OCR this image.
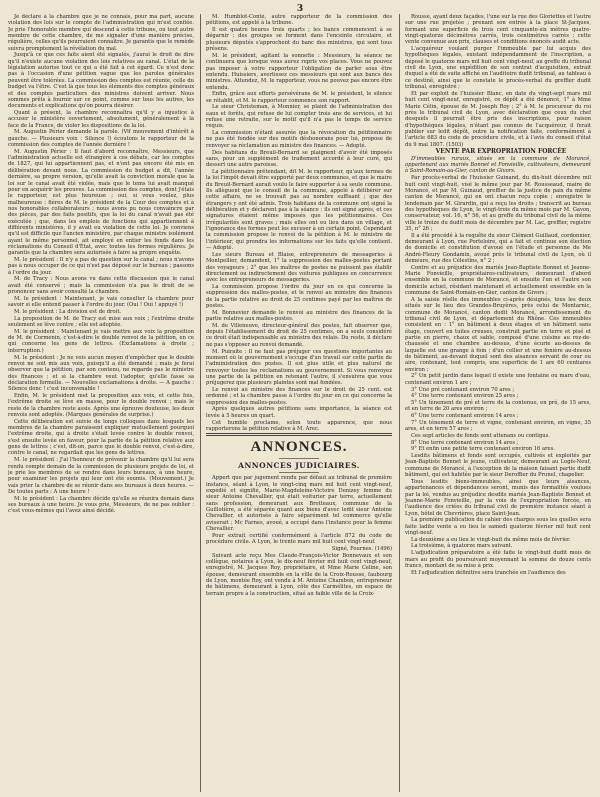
3

Je déclare à la chambre que je ne connais, pour ma part, aucune violation des lois sur le compte de l'administration qui m'est confiée. Je prie l'honorable membre qui descend à cette tribune, ou tout autre membre de cette chambre, de me signaler d'une manière précise, régulière, celles qu'ils pourraient connaître. Je garantis que le remède suivra promptement la révélation du mal.

Jusqu'à ce que ces faits aient été signalés, j'aurai le droit de dire qu'il n'existe aucune violation des lois relatives au canal. L'état de la législation autorise tout ce qui a été fait à cet égard. Ce n'est donc pas à l'occasion d'une pétition vague que les paroles générales peuvent être tolérées. La commission des comptes est réunie, celle du budget va l'être. C'est là que tous les éléments des comptes généraux et des comptes particuliers des ministres doivent arriver. Nous sommes prêts à fournir sur ce point, comme sur tous les autres, les documents et explications qu'on pourra désirer.

Quant à présent, la chambre reconnaîtra qu'il y a injustice à accuser le ministère ouvertement, absolument, généralement à la face de la France, de violer les dispositions de la loi.

M. Augustin Périer demande la parole. (Vif mouvement d'intérêt à gauche. — Plusieurs voix : Silence !) écoutons le rapporteur de la commission des comptes de l'année dernière !

M. Augustin Périer : Il faut d'abord reconnaître, Messieurs, que l'administration actuelle est étrangère à ces débats, car les comptes de 1827, qui lui appartiennent pas, et n'ont pas encore été mis en délibération devant nous. La commission du budget a dit, l'année dernière, sa propre version, qu'elle avait la conviction morale que la loi sur le canal avait été violée, mais que le tems lui avait manqué pour en acquérir les preuves. La commission des comptes, dont j'étais le rapporteur, est plus heureuse ; oui, si vous voulez, plus malheureuse : fières de M. le président de la Cour des comptes et à nos honorables collaborateurs ; nous avons pu nous convaincre par des pièces, par des faits positifs, que la loi du canal n'avait pas été exécutée ; que, dans les emplois de fonctions qui appartiennent à différents ministères, il y avait eu violation de cette loi. Je conviens qu'il est difficile que l'ancien ministère, par chaque ministre isolément ayant le même personnel, ait employé en entier les fonds dans les réclamations du Conseil d'État, avec toutes les formes régulières. Je garantis que la chambre sera autorisée à faire sa propre enquête.

M. le président : Il n'y a pas de question sur le canal ; nous n'avons pas à nous occuper de ce qui n'est pas déposé sur le bureau ; passons à l'ordre du jour.

M. de Tracy : Nous avons vu dans cette discussion que le canal avait été conservé ; mais la commission n'a pas le droit de se prononcer sans avoir consulté la chambre.

M. le président : Maintenant, je vais consulter la chambre pour savoir si elle entend passer à l'ordre du jour. (Oui ! Oui ! appuyé !)

M. le président : La division est de droit.

La proposition de M. de Tracy est mise aux voix ; l'extrême droite seulement se lève contre ; elle est adoptée.

M. le président : Maintenant je vais mettre aux voix la proposition de M. de Cormenin, c'est-à-dire le double renvoi de la pétition, en ce qui concerne les gens de lettres. (Exclamations à droite ; interruption.)

M. le président : Je ne vois aucun moyen d'empêcher que le double renvoi ne soit mis aux voix, puisqu'il a été demandé ; mais je ferai observer que la pétition, par son contenu, ne regarde pas le ministre des finances ; et si la chambre veut l'adopter, qu'elle fasse sa déclaration formelle. — Nouvelles exclamations à droite. — A gauche : Silence donc ! c'est inconvenable !

Enfin, M. le président met la proposition aux voix, et cette fois, l'extrême droite se lève en masse, pour le double renvoi ; mais le reste de la chambre reste assis. Après une épreuve douteuse, les deux renvois sont adoptés. (Marques générales de surprise.)

Cette délibération est suivie de longs colloques dans lesquels les membres de la chambre paraissent expliquer mutuellement pourquoi l'extrême droite, qui à droite s'était levée contre le double renvoi, s'est ensuite levée en faveur, pour la partie de la pétition relative aux gens de lettres ; c'est, dit-on, parce que le double renvoi, c'est-à-dire, contre le canal, ne regardait que les gens de lettres.

M. le président : J'ai l'honneur de prévenir la chambre qu'il lui sera rendu compte demain de la commission de plusieurs projets de loi, et je prie les membres de se rendre dans leurs bureaux, à une heure, pour examiner les projets qui leur ont été soumis. (Mouvement.) Je vais prier la chambre de se réunir dans ses bureaux à deux heures. — De toutes parts : A une heure !

M. le président : La chambre décide qu'elle se réunira demain dans ses bureaux à une heure. Je vous prie, Messieurs, de ne pas oublier : c'est vous-mêmes qui l'avez ainsi décidé.

M. Humblot-Conté, autre rapporteur de la commission des pétitions, est appelé à la tribune.

Il est quatre heures trois quarts ; les bancs commencent à se dégarnir ; des groupes se forment dans l'enceinte circulaire, et plusieurs députés s'approchent du banc des ministres, qui sont tous présens.

M. le président, agitant la sonnette : Messieurs, la séance ne continuera que lorsque vous aurez repris vos places. Vous ne pouvez pas imposer à votre rapporteur l'obligation de parler sous être entendu. Huissiers, avertissez ces messieurs qui sont aux bancs des ministres. Attendez, M. le rapporteur, vous ne pouvez pas encore être entendu.

Enfin, grâce aux efforts persévérans de M. le président, le silence se rétablit, et M. le rapporteur commence son rapport.

Le sieur Christeman, à Monnier, se plaint de l'administration des eaux et forêts, qui refuse de lui compter trois ans de services, et lui refuse une retraite, sur le motif qu'il n'a pas le temps de service requis.

La commission n'étant assurée que la révocation du pétitionnaire ne pas été fondée sur des motifs déshonorans pour lui, propose de renvoyer sa réclamation au ministre des finances. — Adopté.

Des habitans du Breuil-Bernard se plaignent d'avoir été imposés sans, pour un supplément de traitement accordé à leur curé, qui dessert une autre paroisse.

La pétitionnaire prétendant, dit M. le rapporteur, qu'aux termes de la loi l'impôt devait être supporté par deux communes, et que le maire du Breuil-Bernard aurait voulu le faire supporter à sa seule commune. Ils allèguent que le conseil de la commune, appelé à délibérer sur cette affaire, ne se trouvait pas au nombre suffisant ; que des étrangers y ont été admis. Trois habitans de la commune ont signé la délibération et y déclarent pas à la séance : ils ont signé après, et ces signatures étaient même imposés que les pétitionnaires. Ces irrégularités sont graves ; mais elles ont eu lieu dans un village, et l'ignorance des formes peut les excuser à un certain point. Cependant la commission propose le renvoi de la pétition à M. le ministre de l'intérieur, qui prendra les informations sur les faits qu'elle contient. — Adopté.

Les sieurs Bureau et Blaise, entrepreneurs de messageries à Montpellier, demandent, 1° la suppression des malles-postes portant des voyageurs ; 2° que les maîtres de postes ne puissent pas établir directement ou indirectement des voitures publiques en concurrence avec les entrepreneurs de messageries.

La commission propose l'ordre du jour en ce qui concerne la suppression des malles-postes, et le renvoi au ministre des finances de la partie relative au droit de 25 centimes payé par les maîtres de postes.

M. Bonnevier demande le renvoi au ministre des finances de la partie relative aux malles-postes.

M. de Villeneuve, directeur-général des postes, fait observer que, depuis l'établissement du droit de 25 centimes, on a seuls considéré ce droit était indispensable au ministre des relais. Du reste, il déclare ne pas s'opposer au renvoi demandé.

M. Puiraite : Il ne faut pas préjuger ces questions importantes au moment où le gouvernement s'occupe d'un travail sur cette partie de l'administration des postes. Il est plus utile et plus naturel de renvoyer toutes les réclamations au gouvernement. Si vous renvoyez une partie de la pétition en retenant l'autre, il s'ensuivra que vous préjugerez que plusieurs plaintes sont mal fondées.

Le renvoi au ministre des finances sur le droit de 25 cent. est ordonné ; et la chambre passe à l'ordre du jour en ce qui concerne la suppression des malles-postes.

Après quelques autres pétitions sans importance, la séance est levée à 5 heures un quart.

Cet humble proclame, selon toute apparence, que nous rapporterons la pétition relative à M. Arec.

ANNONCES.
ANNONCES JUDICIAIRES.

Appert que par jugement rendu par défaut au tribunal de première instance, séant à Lyon, le vingt-cinq mars mil huit cent vingt-neuf, expédié et signifié, Marie-Magdeleine-Victoire Denizey femme du sieur Antoine Chevallier, qui était voiturier par terre, actuellement sans profession, demeurant aux Brotteaux, commune de la Guillotière, a été séparée quant aux biens d'avec ledit sieur Antoine Chevallier, et autorisée à faire séparément tel commerce qu'elle aviserait ; Mc Farnes, avoué, a occupé dans l'instance pour la femme Chevallier.

Pour extrait certifié conformément à l'article 872 du code de procédure civile. A Lyon, le trente mars mil huit cent vingt-neuf.

Signé, Fournes. (1496)

Suivant acte reçu Mes Claude-François-Victor Bonnevaux et son collègue, notaires à Lyon, le dix-neuf février mil huit cent vingt-neuf, enregistré, M. Jacques Roy, propriétaire, et Mme Marie Celine, son épouse, demeurant ensemble en la ville de la Croix-Rousse, faubourg de Lyon, montée Roy, ont vendu à M. Antoine Chambon, entrepreneur de bâtimens, demeurant à Lyon, côte des Carmélites, un espace de terrain propre à la construction, situé au faible ville de la Croix-

Rousse, ayant deux façades, l'une sur la rue des Gloriettes et l'autre sur une rue projetée ; prenant son entrée à la place St-Jacques, formant une superficie de trois cent cinquante-six mètres quatre-vingt-quatorze décimètres carrés, trois centimètres carrés ; cette vente convenue aux prix, clauses et conditions énoncés audit acte.

L'acquéreur voulant purger l'immeuble par lui acquis des hypothèques légales, existant indépendamment de l'inscription, a déposé le quatorze mars mil huit cent vingt-neuf, au greffe du tribunal civil de Lyon, une expédition de son contrat d'acquisition, extrait duquel a été de suite affiché en l'auditoire dudit tribunal, au tableau à ce destiné, ainsi que le constate le procès-verbal du greffier dudit tribunal, enregistré ;

Et par exploit de l'huissier Blanc, en date du vingt-sept mars mil huit cent vingt-neuf, enregistré, ce dépôt a été dénoncé, 1° à Mme Marie Célin, épouse de M. Joseph Roy ; 2° à M. le procureur du roi près le tribunal civil de Lyon, avec déclaration que ceux du chef desquels il pourrait être pris des inscriptions, pour raison d'hypothèques légales, n'étant pas connus de l'acquéreur, il ferait publier sur ledit dépôt, outre la notification faite, conformément à l'article 683 du code de procédure civile, et à l'avis du conseil d'état du 9 mai 1807. (1503)

VENTE PAR EXPROPRIATION FORCÉE

D'immeubles ruraux, situés en la commune de Morancé, appartenant aux mariés Bonnet et Fonvieille, cultivateurs, demeurant à Saint-Romain-au-Gier, canton de Givors.

Par procès-verbal de l'huissier Guinand, du dix-huit décembre mil huit cent vingt-huit, visé le même jour par M. Rousseaud, maire de Morancé, et par M. Guinaud, greffier de la justice de paix du même canton de Morancé, qui en ont chacun reçu copie ; enregistré le lendemain par M. Girardin, qui a reçu les droits ; transcrit au bureau des hypothèques de Lyon, le vingt-trois du même mois par M. Gavon, conservateur, vol. 16, n° 56, et au greffe du tribunal civil de la même ville le treize du dudit mois de décembre par M. Lac, greffier, registre 35, n° 26 ;

Il a été procédé à la requête du sieur Clément Guillaud, cordonnier, demeurant à Lyon, rue Porteloire, qui a fait et continue son élection de domicile et constitution d'avoué en l'étude et personne de Me André-Fleury Gondamin, avoué près le tribunal civil de Lyon, où il demeure, rue des Célestins, n° 2 ;

Contre et au préjudice des mariés Jean-Baptiste Bonnet et Jeanne-Marie Fonvieille, propriétaires-cultivateurs, demeurant d'abord ensemble en la commune de Morancé, et ensuite l'un et l'autre son domicile actuel, résidant maintenant et actuellement ensemble en la commune de Saint-Romain-en-Gier, canton de Givors ;

A la saisie réelle des immeubles ci-après désignés, tous les deux situés sur le lieu des Grandes-Bruyères, près celui de Montarnic, commune de Morancé, canton dudit Morancé, arrondissement du tribunal civil de Lyon, et département du Rhône. Ces immeubles consistent en : 1° un bâtiment à deux étages et un bâtiment sans étage, couvert en tuiles creuses, construit partie en terre et pisé et partie en pierre, chaux et sable, composé d'une cuisine au rez-de-chaussée et une chambre au-dessus, d'une écurie au-dessus de laquelle est une grange à foin ; d'un cellier et une fenière au-dessus de bâtiment, au-devant duquel sont des aisances servant de cour ou aire, contenant, tout compris, une superficie de 1 are 60 centiares environ ;

2° Un petit jardin dans lequel il existe une fontaine ou mare d'eau, contenant environ 1 are ;

3° Une pré contenant environ 70 ares ;

4° Une terre contenant environ 25 ares ;

5° Un tènement de pré et terre de la contenue, en pré, de 15 ares, et en terre de 20 ares environ ;

6° Une terre contenant environ 14 ares ;

7° Un tènement de terre et vigne, contenant environ, en vigne, 35 ares, et en terre 57 ares ;

Ces sept articles de fonds sont attenans ou contigus.

8° Une terre contenant environ 14 ares ;

9° Et enfin une petite terre contenant environ 16 ares.

Lesdits bâtimens et fonds sont occupés, cultivés et exploités par Jean-Baptiste Bonnet le jeune, cultivateur, demeurant au Logis-Neuf, commune de Morancé, à l'exception de la maison faisant partie dudit bâtiment, qui est habitée par le sieur Deroffier du Prunel, chapelier.

Tous lesdits biens-immeubles, ainsi que leurs aisances, appartenances et dépendances seront, munis des formalités voulues par la loi, vendus au préjudice desdits mariés Jean-Baptiste Bonnet et Jeanne-Marie Fonvieille, par la voie de l'expropriation forcée, en l'audience des criées du tribunal civil de première instance séant à Lyon, hôtel de Chevrières, place Saint-Jean.

La première publication du cahier des charges sous les quelles sera faite ladite vente a eu lieu le samedi quatorze février mil huit cent vingt-neuf.

La deuxième a eu lieu le vingt-huit du même mois de février.

La troisième, à quatorze mars suivant.

L'adjudication préparatoire a été faite le vingt-huit dudit mois de mars au profit du poursuivant moyennant la somme de douze cents francs, montant de sa mise à prix.

Et l'adjudication définitive sera tranchée en l'audience des
